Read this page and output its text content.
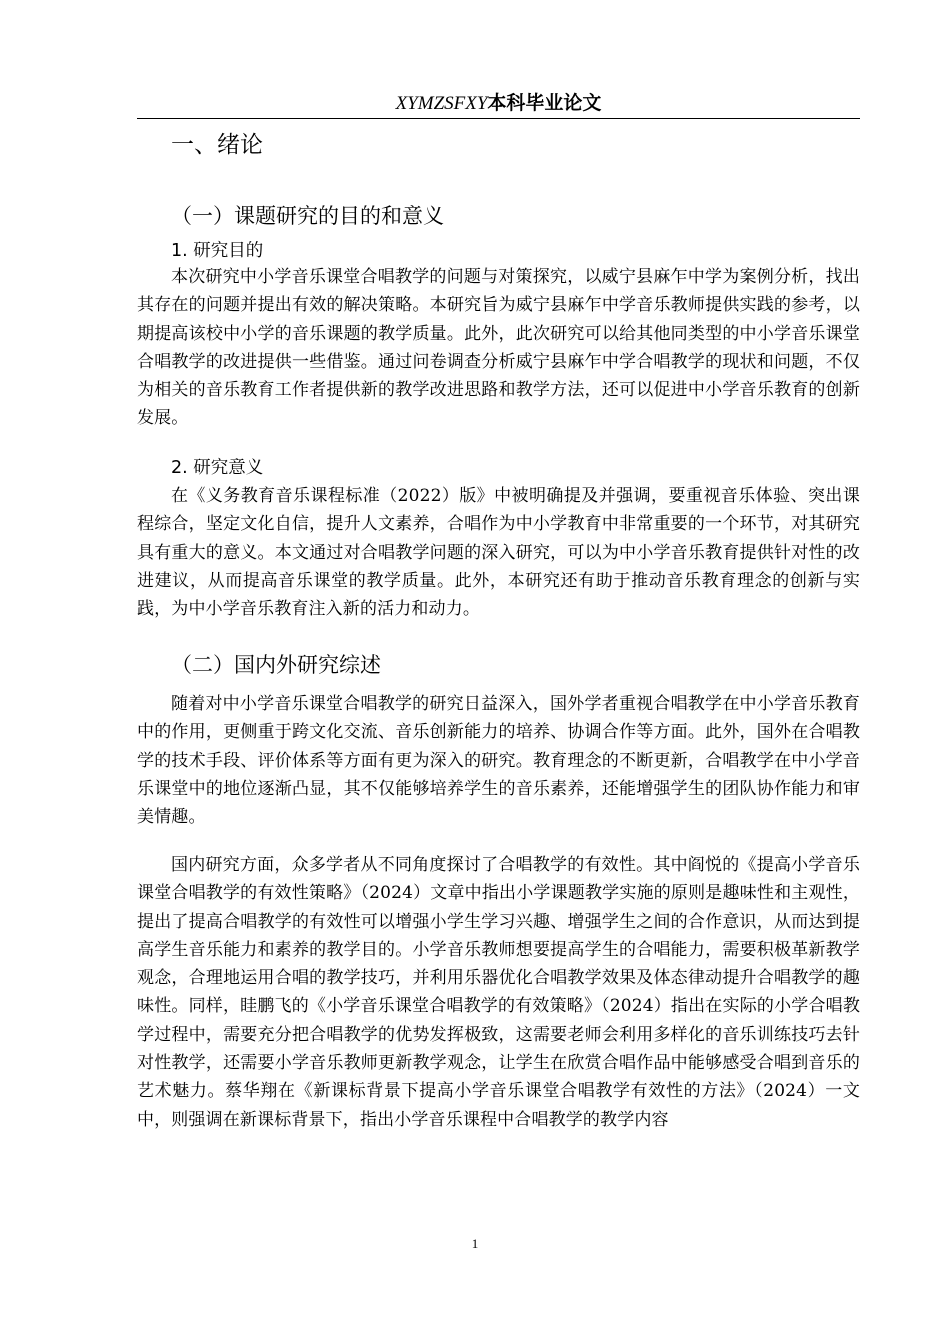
XYMZSFXY本科毕业论文
一、绪论
（一）课题研究的目的和意义
1. 研究目的

本次研究中小学音乐课堂合唱教学的问题与对策探究，以威宁县麻乍中学为案例分析，找出其存在的问题并提出有效的解决策略。本研究旨为威宁县麻乍中学音乐教师提供实践的参考，以期提高该校中小学的音乐课题的教学质量。此外，此次研究可以给其他同类型的中小学音乐课堂合唱教学的改进提供一些借鉴。通过问卷调查分析威宁县麻乍中学合唱教学的现状和问题，不仅为相关的音乐教育工作者提供新的教学改进思路和教学方法，还可以促进中小学音乐教育的创新发展。

2. 研究意义

在《义务教育音乐课程标准（2022）版》中被明确提及并强调，要重视音乐体验、突出课程综合，坚定文化自信，提升人文素养，合唱作为中小学教育中非常重要的一个环节，对其研究具有重大的意义。本文通过对合唱教学问题的深入研究，可以为中小学音乐教育提供针对性的改进建议，从而提高音乐课堂的教学质量。此外，本研究还有助于推动音乐教育理念的创新与实践，为中小学音乐教育注入新的活力和动力。

（二）国内外研究综述

随着对中小学音乐课堂合唱教学的研究日益深入，国外学者重视合唱教学在中小学音乐教育中的作用，更侧重于跨文化交流、音乐创新能力的培养、协调合作等方面。此外，国外在合唱教学的技术手段、评价体系等方面有更为深入的研究。教育理念的不断更新，合唱教学在中小学音乐课堂中的地位逐渐凸显，其不仅能够培养学生的音乐素养，还能增强学生的团队协作能力和审美情趣。

国内研究方面，众多学者从不同角度探讨了合唱教学的有效性。其中阎悦的《提高小学音乐课堂合唱教学的有效性策略》（2024）文章中指出小学课题教学实施的原则是趣味性和主观性，提出了提高合唱教学的有效性可以增强小学生学习兴趣、增强学生之间的合作意识，从而达到提高学生音乐能力和素养的教学目的。小学音乐教师想要提高学生的合唱能力，需要积极革新教学观念，合理地运用合唱的教学技巧，并利用乐器优化合唱教学效果及体态律动提升合唱教学的趣味性。同样，眭鹏飞的《小学音乐课堂合唱教学的有效策略》（2024）指出在实际的小学合唱教学过程中，需要充分把合唱教学的优势发挥极致，这需要老师会利用多样化的音乐训练技巧去针对性教学，还需要小学音乐教师更新教学观念，让学生在欣赏合唱作品中能够感受合唱到音乐的艺术魅力。蔡华翔在《新课标背景下提高小学音乐课堂合唱教学有效性的方法》（2024）一文中，则强调在新课标背景下，指出小学音乐课程中合唱教学的教学内容

1
